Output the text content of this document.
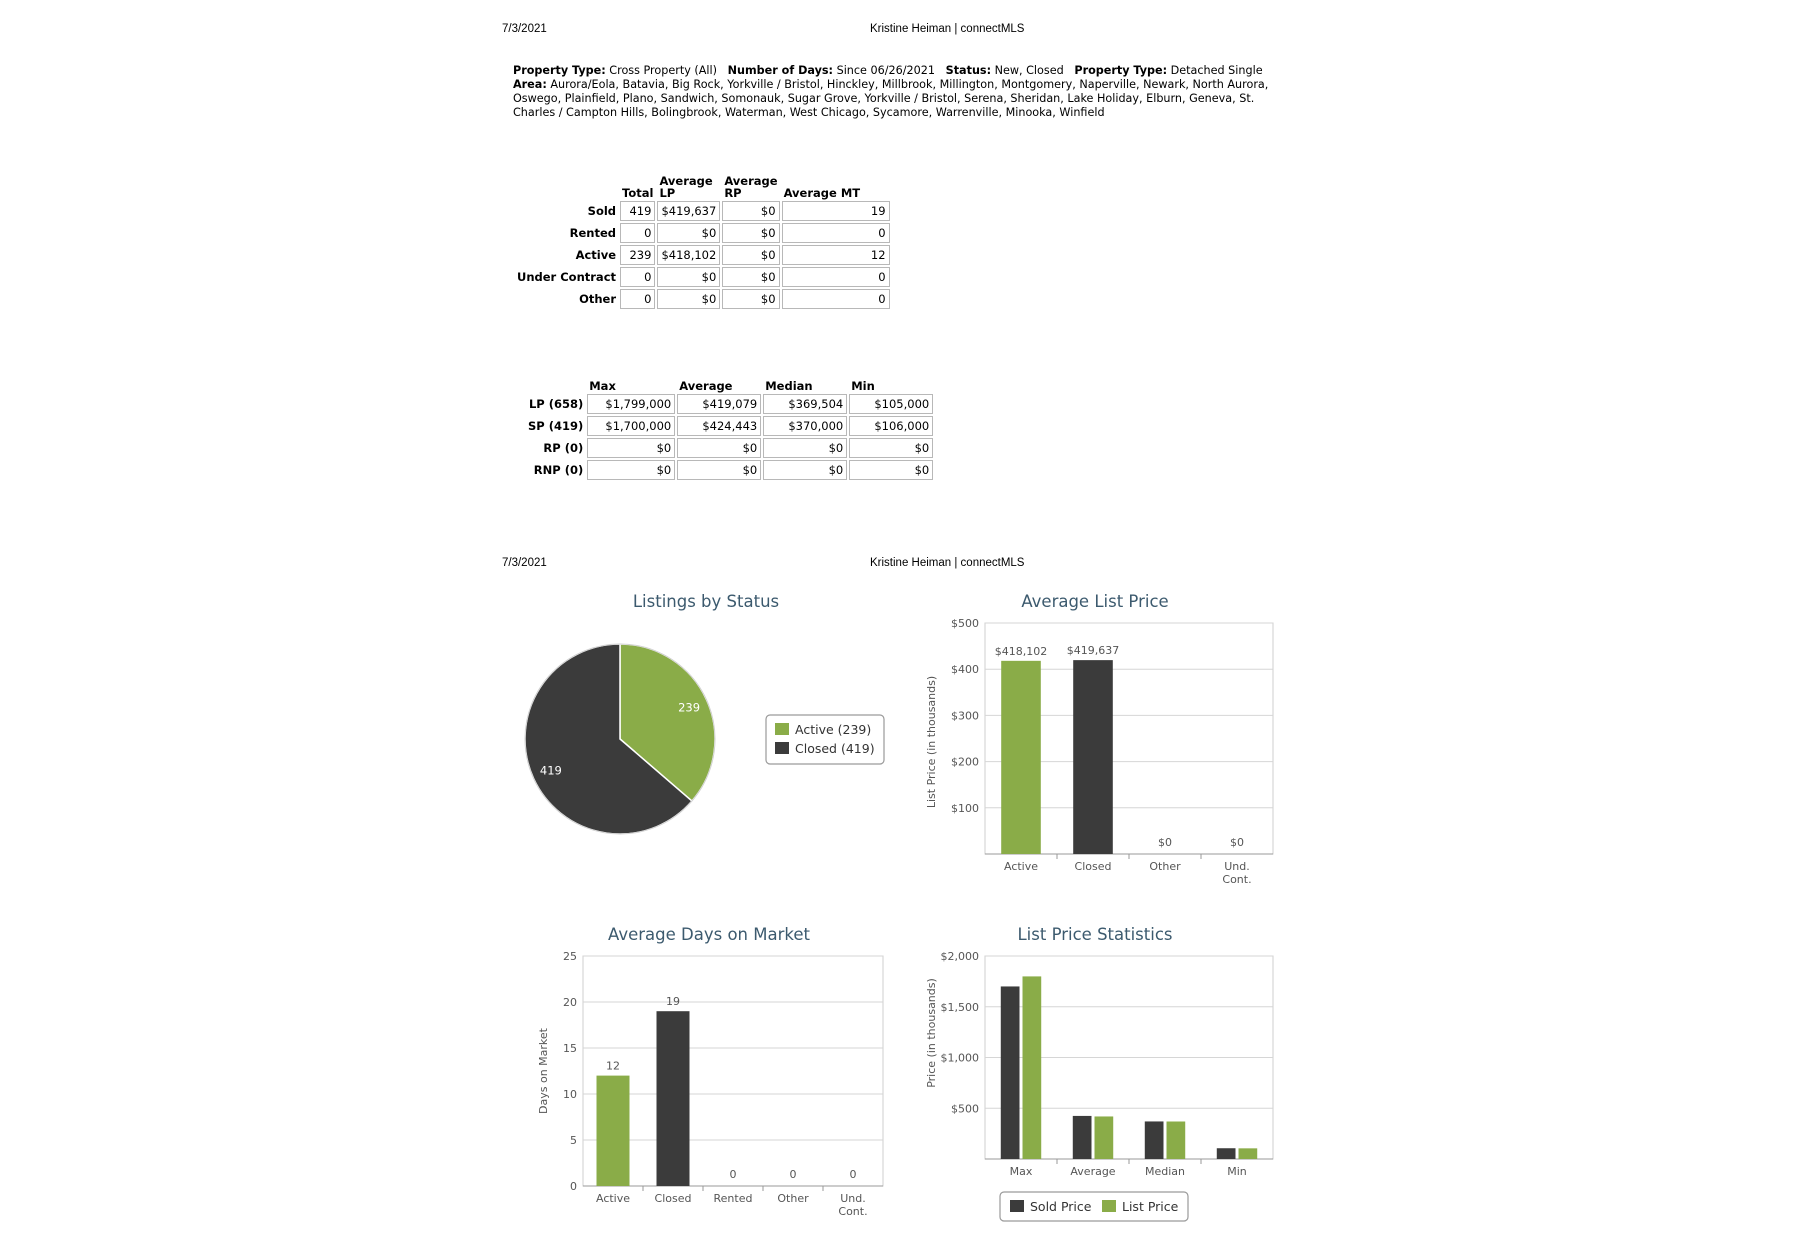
7/3/2021	Kristine Heiman | connectMLS
Property Type: Cross Property (All) Number of Days: Since 06/26/2021 Status: New, Closed Property Type: Detached Single   Area: Aurora/Eola, Batavia, Big Rock, Yorkville / Bristol, Hinckley, Millbrook, Millington, Montgomery, Naperville, Newark, North Aurora, Oswego, Plainfield, Plano, Sandwich, Somonauk, Sugar Grove, Yorkville / Bristol, Serena, Sheridan, Lake Holiday, Elburn, Geneva, St. Charles / Campton Hills, Bolingbrook, Waterman, West Chicago, Sycamore, Warrenville, Minooka, Winfield
	Total	Average LP	Average RP	Average MT
Sold	419	$419,637	$0	19
Rented	0	$0	$0	0
Active	239	$418,102	$0	12
Under Contract	0	$0	$0	0
Other	0	$0	$0	0
	Max	Average	Median	Min
LP (658)	$1,799,000	$419,079	$369,504	$105,000
SP (419)	$1,700,000	$424,443	$370,000	$106,000
RP (0)	$0	$0	$0	$0
RNP (0)	$0	$0	$0	$0
7/3/2021	Kristine Heiman | connectMLS
Listings by Status
239
419
Active (239)
Closed (419)
Average List Price
List Price (in thousands)
$100
$200
$300
$400
$500
Active	Closed	Other	Und. Cont.
$418,102 $419,637
$0	$0
Average Days on Market
Days on Market
0
5
10
15
20
25
Active Closed Rented Other	Und. Cont.
12
19
0	0	0
List Price Statistics
Price (in thousands)
$500
$1,000
$1,500
$2,000
Max	Average	Median	Min
Sold Price List Price
